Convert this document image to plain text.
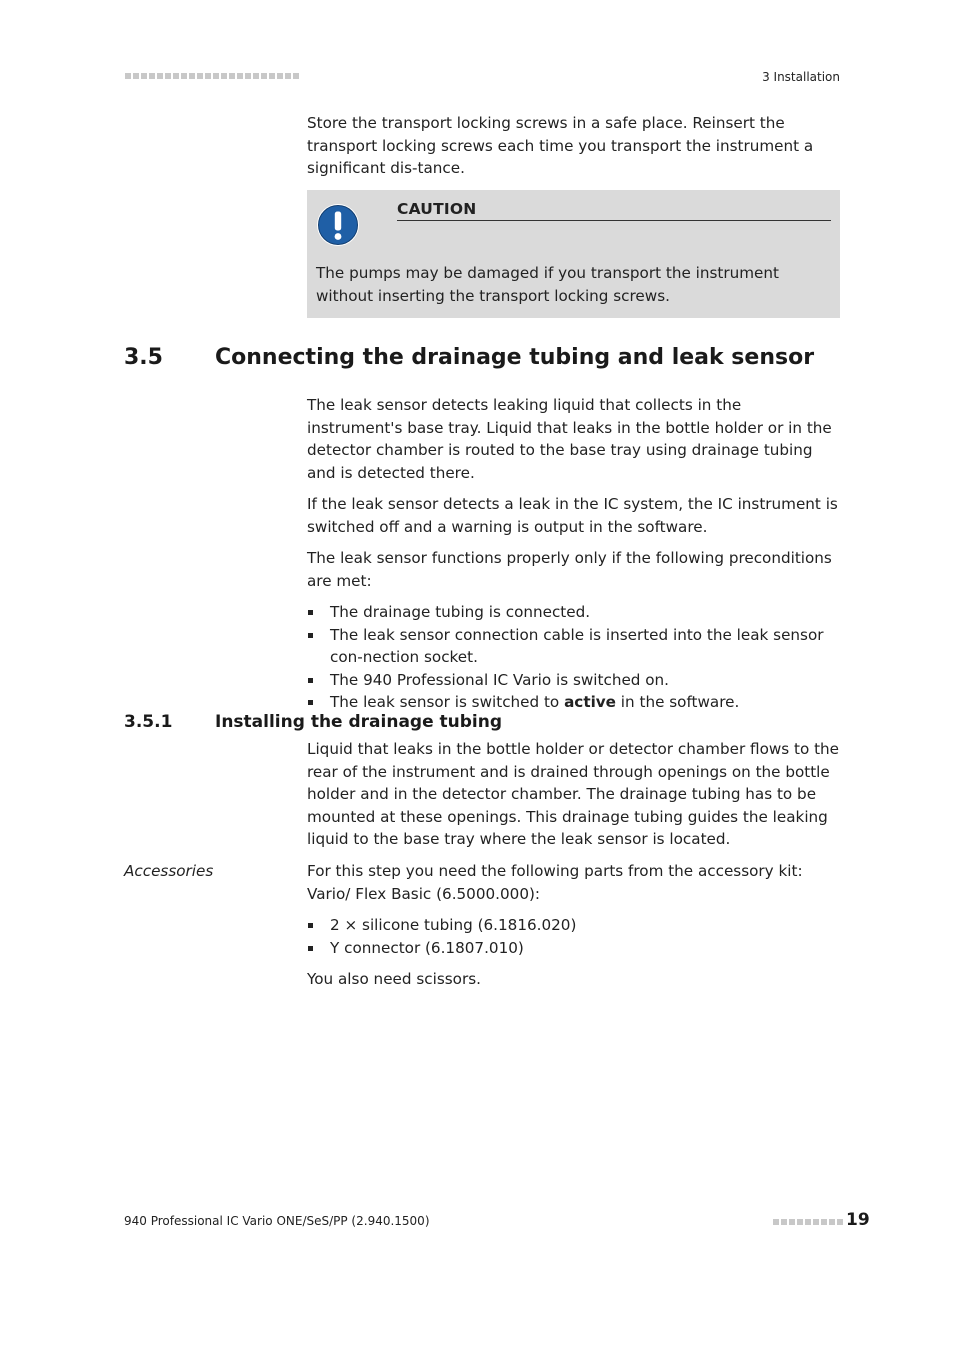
3 Installation

Store the transport locking screws in a safe place. Reinsert the transport locking screws each time you transport the instrument a significant dis-tance.

CAUTION

The pumps may be damaged if you transport the instrument without inserting the transport locking screws.

3.5 Connecting the drainage tubing and leak sensor

The leak sensor detects leaking liquid that collects in the instrument's base tray. Liquid that leaks in the bottle holder or in the detector chamber is routed to the base tray using drainage tubing and is detected there.

If the leak sensor detects a leak in the IC system, the IC instrument is switched off and a warning is output in the software.

The leak sensor functions properly only if the following preconditions are met:

The drainage tubing is connected.
The leak sensor connection cable is inserted into the leak sensor con-nection socket.
The 940 Professional IC Vario is switched on.
The leak sensor is switched to active in the software.
3.5.1	Installing the drainage tubing

Liquid that leaks in the bottle holder or detector chamber flows to the rear of the instrument and is drained through openings on the bottle holder and in the detector chamber. The drainage tubing has to be mounted at these openings. This drainage tubing guides the leaking liquid to the base tray where the leak sensor is located.

Accessories	For this step you need the following parts from the accessory kit: Vario/ Flex Basic (6.5000.000):

2 × silicone tubing (6.1816.020)
Y connector (6.1807.010)

You also need scissors.

940 Professional IC Vario ONE/SeS/PP (2.940.1500)	19
